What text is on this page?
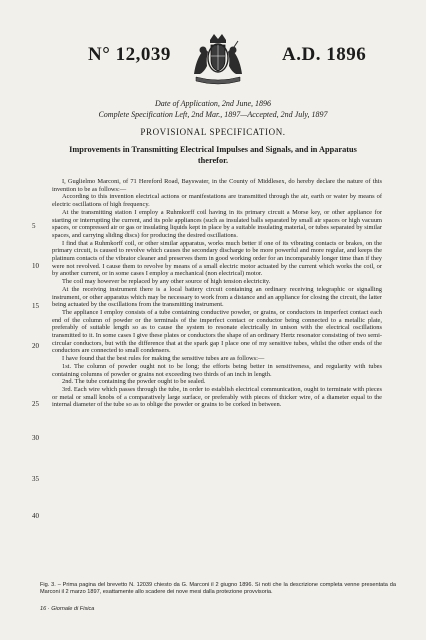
N° 12,039	A.D. 1896
Date of Application, 2nd June, 1896
Complete Specification Left, 2nd Mar., 1897—Accepted, 2nd July, 1897
PROVISIONAL SPECIFICATION.
Improvements in Transmitting Electrical Impulses and Signals, and in Apparatus therefor.

I, Guglielmo Marconi, of 71 Hereford Road, Bayswater, in the County of Middlesex, do hereby declare the nature of this invention to be as follows:—

According to this invention electrical actions or manifestations are transmitted through the air, earth or water by means of electric oscillations of high frequency.

At the transmitting station I employ a Ruhmkorff coil having in its primary circuit a Morse key, or other appliance for starting or interrupting the current, and its pole appliances (such as insulated balls separated by small air spaces or high vacuum spaces, or compressed air or gas or insulating liquids kept in place by a suitable insulating material, or tubes separated by similar spaces, and carrying sliding discs) for producing the desired oscillations.

I find that a Ruhmkorff coil, or other similar apparatus, works much better if one of its vibrating contacts or brakes, on the primary circuit, is caused to revolve which causes the secondary discharge to be more powerful and more regular, and keeps the platinum contacts of the vibrator cleaner and preserves them in good working order for an incomparably longer time than if they were not revolved. I cause them to revolve by means of a small electric motor actuated by the current which works the coil, or by another current, or in some cases I employ a mechanical (non electrical) motor.

The coil may however be replaced by any other source of high tension electricity.

At the receiving instrument there is a local battery circuit containing an ordinary receiving telegraphic or signalling instrument, or other apparatus which may be necessary to work from a distance and an appliance for closing the circuit, the latter being actuated by the oscillations from the transmitting instrument.

The appliance I employ consists of a tube containing conductive powder, or grains, or conductors in imperfect contact each end of the column of powder or the terminals of the imperfect contact or conductor being connected to a metallic plate, preferably of suitable length so as to cause the system to resonate electrically in unison with the electrical oscillations transmitted to it. In some cases I give these plates or conductors the shape of an ordinary Hertz resonator consisting of two semi-circular conductors, but with the difference that at the spark gap I place one of my sensitive tubes, whilst the other ends of the conductors are connected to small condensers.

I have found that the best rules for making the sensitive tubes are as follows:—

1st. The column of powder ought not to be long; the efforts being better in sensitiveness, and regularity with tubes containing columns of powder or grains not exceeding two thirds of an inch in length.

2nd. The tube containing the powder ought to be sealed.

3rd. Each wire which passes through the tube, in order to establish electrical communication, ought to terminate with pieces or metal or small knobs of a comparatively large surface, or preferably with pieces of thicker wire, of a diameter equal to the internal diameter of the tube so as to oblige the powder or grains to be corked in between.

5
10
15
20
25
30
35
40
Fig. 3. – Prima pagina del brevetto N. 12039 chiesto da G. Marconi il 2 giugno 1896. Si noti che la descrizione completa venne presentata da Marconi il 2 marzo 1897, esattamente allo scadere dei nove mesi dalla protezione provvisoria.
16 · Giornale di Fisica
